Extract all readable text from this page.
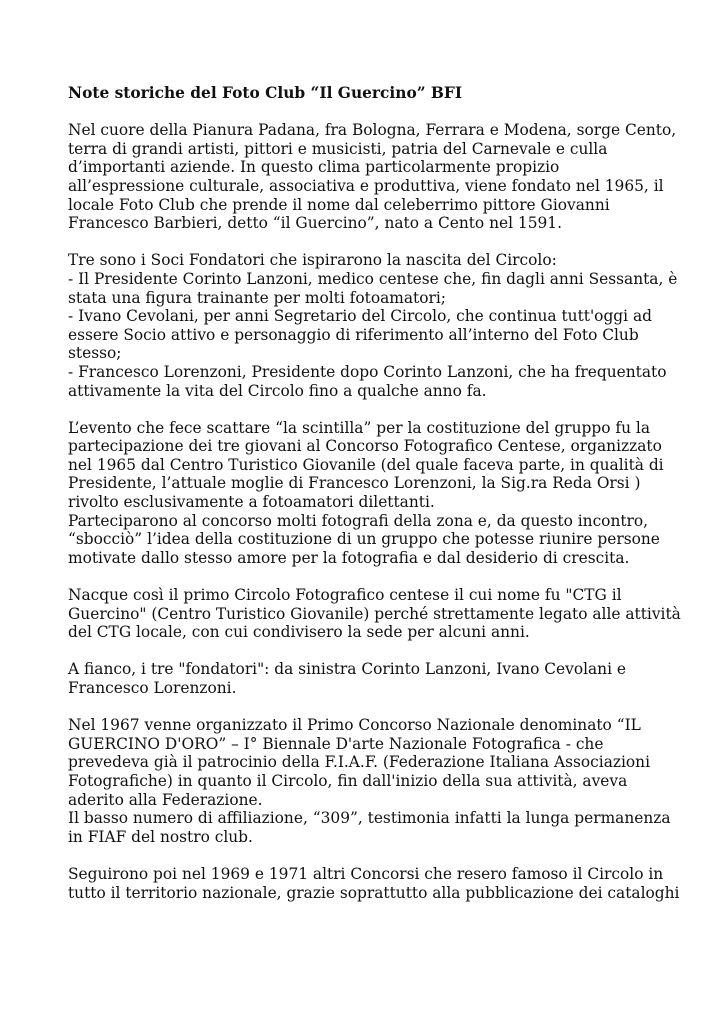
Note storiche del Foto Club “Il Guercino” BFI
Nel cuore della Pianura Padana, fra Bologna, Ferrara e Modena, sorge Cento,
terra di grandi artisti, pittori e musicisti, patria del Carnevale e culla
d’importanti aziende. In questo clima particolarmente propizio
all’espressione culturale, associativa e produttiva, viene fondato nel 1965, il
locale Foto Club che prende il nome dal celeberrimo pittore Giovanni
Francesco Barbieri, detto “il Guercino”, nato a Cento nel 1591.
Tre sono i Soci Fondatori che ispirarono la nascita del Circolo:
- Il Presidente Corinto Lanzoni, medico centese che, fin dagli anni Sessanta, è
stata una figura trainante per molti fotoamatori;
- Ivano Cevolani, per anni Segretario del Circolo, che continua tutt'oggi ad
essere Socio attivo e personaggio di riferimento all’interno del Foto Club
stesso;
- Francesco Lorenzoni, Presidente dopo Corinto Lanzoni, che ha frequentato
attivamente la vita del Circolo fino a qualche anno fa.
L’evento che fece scattare “la scintilla” per la costituzione del gruppo fu la
partecipazione dei tre giovani al Concorso Fotografico Centese, organizzato
nel 1965 dal Centro Turistico Giovanile (del quale faceva parte, in qualità di
Presidente, l’attuale moglie di Francesco Lorenzoni, la Sig.ra Reda Orsi )
rivolto esclusivamente a fotoamatori dilettanti.
Parteciparono al concorso molti fotografi della zona e, da questo incontro,
“sbocciò” l’idea della costituzione di un gruppo che potesse riunire persone
motivate dallo stesso amore per la fotografia e dal desiderio di crescita.
Nacque così il primo Circolo Fotografico centese il cui nome fu "CTG il
Guercino" (Centro Turistico Giovanile) perché strettamente legato alle attività
del CTG locale, con cui condivisero la sede per alcuni anni.
A fianco, i tre "fondatori": da sinistra Corinto Lanzoni, Ivano Cevolani e
Francesco Lorenzoni.
Nel 1967 venne organizzato il Primo Concorso Nazionale denominato “IL
GUERCINO D'ORO” – I° Biennale D'arte Nazionale Fotografica - che
prevedeva già il patrocinio della F.I.A.F. (Federazione Italiana Associazioni
Fotografiche) in quanto il Circolo, fin dall'inizio della sua attività, aveva
aderito alla Federazione.
Il basso numero di affiliazione, “309”, testimonia infatti la lunga permanenza
in FIAF del nostro club.
Seguirono poi nel 1969 e 1971 altri Concorsi che resero famoso il Circolo in
tutto il territorio nazionale, grazie soprattutto alla pubblicazione dei cataloghi
